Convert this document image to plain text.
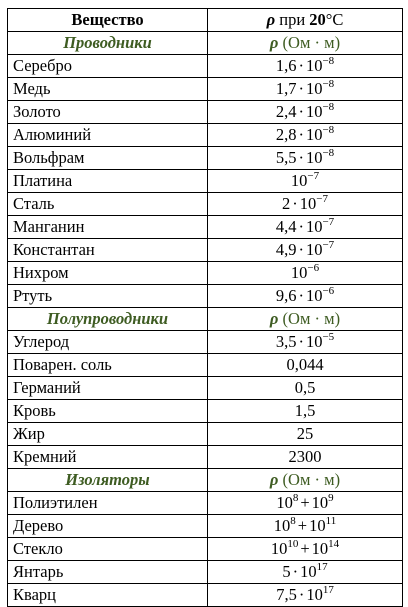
Вещество	ρ при 20°С
Проводники	ρ (Ом · м)
Серебро	$1,6 \cdot 10^{-8}$
Медь	$1,7 \cdot 10^{-8}$
Золото	$2,4 \cdot 10^{-8}$
Алюминий	$2,8 \cdot 10^{-8}$
Вольфрам	$5,5 \cdot 10^{-8}$
Платина	$10^{-7}$
Сталь	$2 \cdot 10^{-7}$
Манганин	$4,4 \cdot 10^{-7}$
Константан	$4,9 \cdot 10^{-7}$
Нихром	$10^{-6}$
Ртуть	$9,6 \cdot 10^{-6}$
Полупроводники	ρ (Ом · м)
Углерод	$3,5 \cdot 10^{-5}$
Поварен. соль	0,044
Германий	0,5
Кровь	1,5
Жир	25
Кремний	2300
Изоляторы	ρ (Ом · м)
Полиэтилен	$10^8 + 10^9$
Дерево	$10^8 + 10^{11}$
Стекло	$10^{10} + 10^{14}$
Янтарь	$5 \cdot 10^{17}$
Кварц	$7,5 \cdot 10^{17}$
